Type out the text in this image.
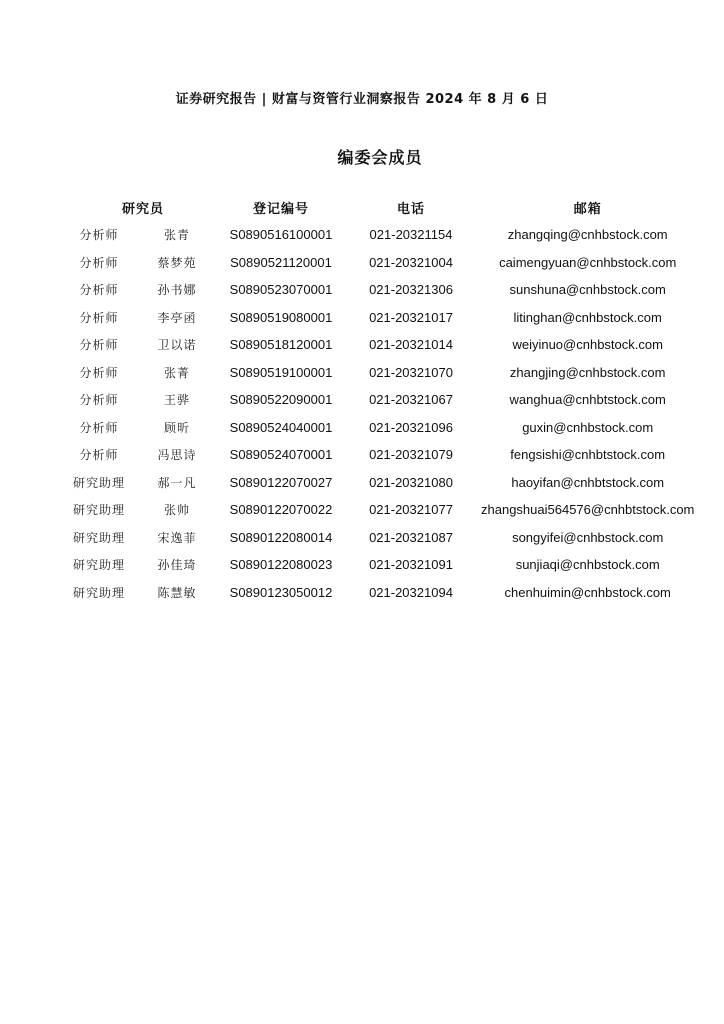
证券研究报告 | 财富与资管行业洞察报告 2024 年 8 月 6 日
编委会成员
研究员		登记编号	电话	邮箱
分析师	张青	S0890516100001	021-20321154	zhangqing@cnhbstock.com
分析师	蔡梦苑	S0890521120001	021-20321004	caimengyuan@cnhbstock.com
分析师	孙书娜	S0890523070001	021-20321306	sunshuna@cnhbstock.com
分析师	李亭函	S0890519080001	021-20321017	litinghan@cnhbstock.com
分析师	卫以诺	S0890518120001	021-20321014	weiyinuo@cnhbstock.com
分析师	张菁	S0890519100001	021-20321070	zhangjing@cnhbstock.com
分析师	王骅	S0890522090001	021-20321067	wanghua@cnhbtstock.com
分析师	顾昕	S0890524040001	021-20321096	guxin@cnhbstock.com
分析师	冯思诗	S0890524070001	021-20321079	fengsishi@cnhbtstock.com
研究助理	郝一凡	S0890122070027	021-20321080	haoyifan@cnhbtstock.com
研究助理	张帅	S0890122070022	021-20321077	zhangshuai564576@cnhbtstock.com
研究助理	宋逸菲	S0890122080014	021-20321087	songyifei@cnhbstock.com
研究助理	孙佳琦	S0890122080023	021-20321091	sunjiaqi@cnhbstock.com
研究助理	陈慧敏	S0890123050012	021-20321094	chenhuimin@cnhbstock.com
